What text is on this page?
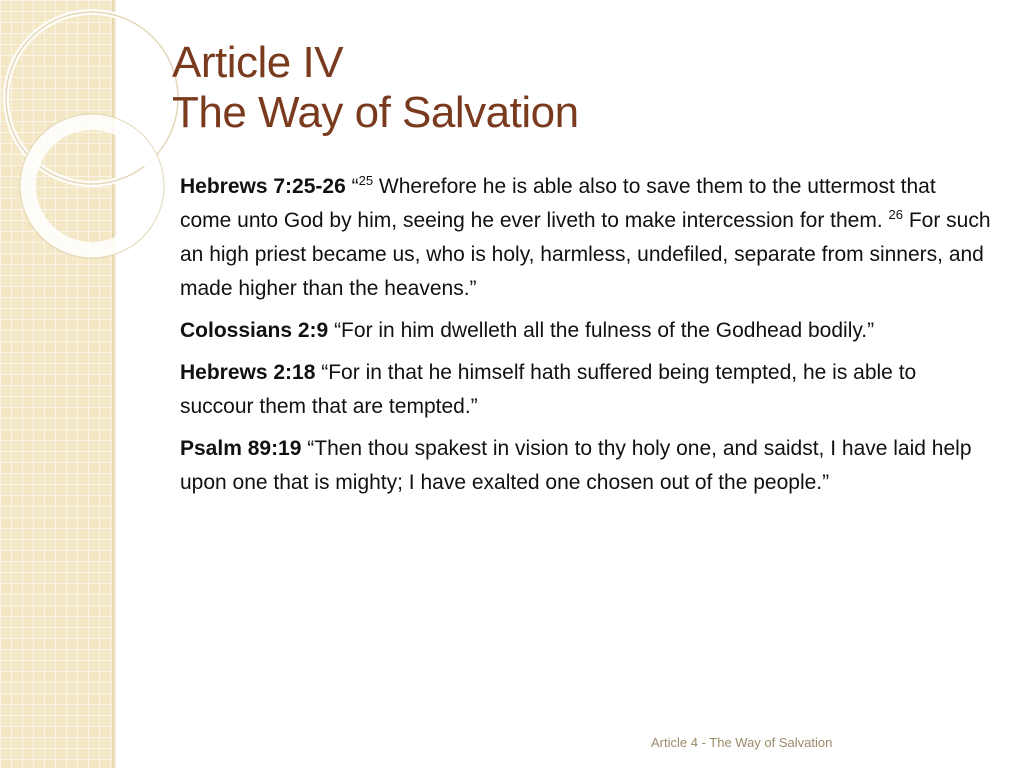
Article IV
The Way of Salvation

Hebrews 7:25-26 “$^{25}$ Wherefore he is able also to save them to the uttermost that come unto God by him, seeing he ever liveth to make intercession for them. $^{26}$ For such an high priest became us, who is holy, harmless, undefiled, separate from sinners, and made higher than the heavens.”

Colossians 2:9 “For in him dwelleth all the fulness of the Godhead bodily.”

Hebrews 2:18 “For in that he himself hath suffered being tempted, he is able to succour them that are tempted.”

Psalm 89:19 “Then thou spakest in vision to thy holy one, and saidst, I have laid help upon one that is mighty; I have exalted one chosen out of the people.”

Article 4 - The Way of Salvation
